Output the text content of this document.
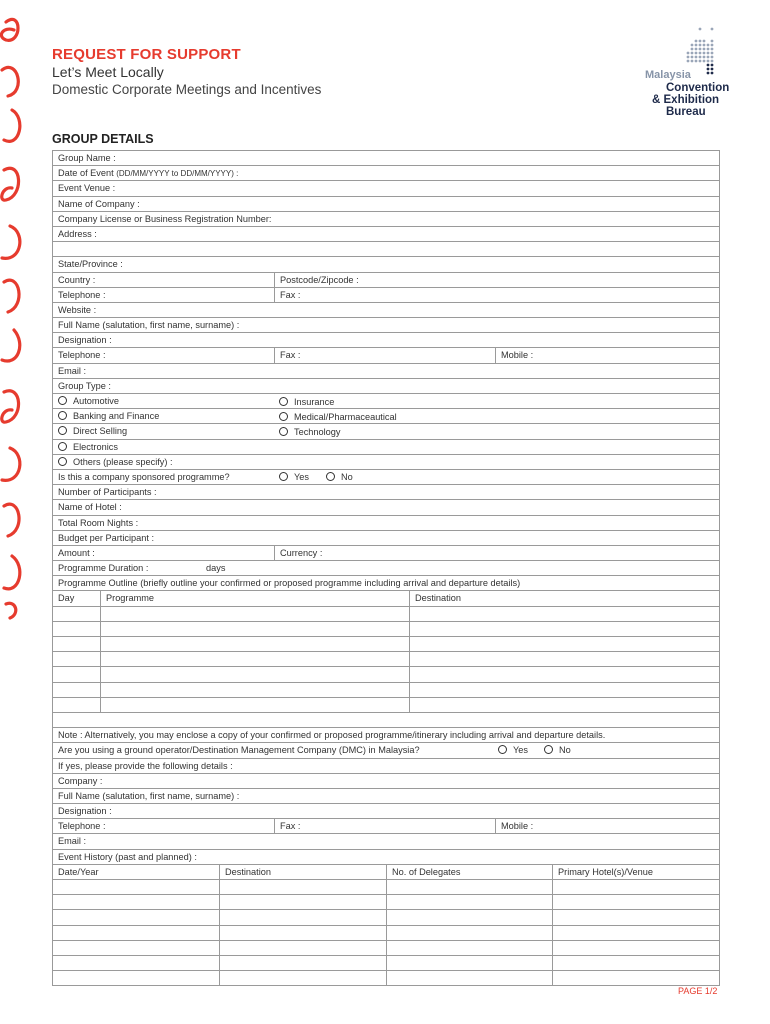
REQUEST FOR SUPPORT
Let’s Meet Locally
Domestic Corporate Meetings and Incentives
Malaysia
Convention
& Exhibition
Bureau
GROUP DETAILS
Group Name :
Date of Event (DD/MM/YYYY to DD/MM/YYYY) :
Event Venue :
Name of Company :
Company License or Business Registration Number:
Address :
State/Province :
Country :	Postcode/Zipcode :
Telephone :	Fax :
Website :
Full Name (salutation, first name, surname) :
Designation :
Telephone :	Fax :	Mobile :
Email :
Group Type :
Automotive	Insurance
Banking and Finance	Medical/Pharmaceautical
Direct Selling	Technology
Electronics
Others (please specify) :
Is this a company sponsored programme?	Yes	No
Number of Participants :
Name of Hotel :
Total Room Nights :
Budget per Participant :
Amount :	Currency :
Programme Duration :	days
Programme Outline (briefly outline your confirmed or proposed programme including arrival and departure details)
Day	Programme	Destination
Note : Alternatively, you may enclose a copy of your confirmed or proposed programme/itinerary including arrival and departure details.
Are you using a ground operator/Destination Management Company (DMC) in Malaysia?	Yes	No
If yes, please provide the following details :
Company :
Full Name (salutation, first name, surname) :
Designation :
Telephone :	Fax :	Mobile :
Email :
Event History (past and planned) :
Date/Year	Destination	No. of Delegates	Primary Hotel(s)/Venue
PAGE 1/2
